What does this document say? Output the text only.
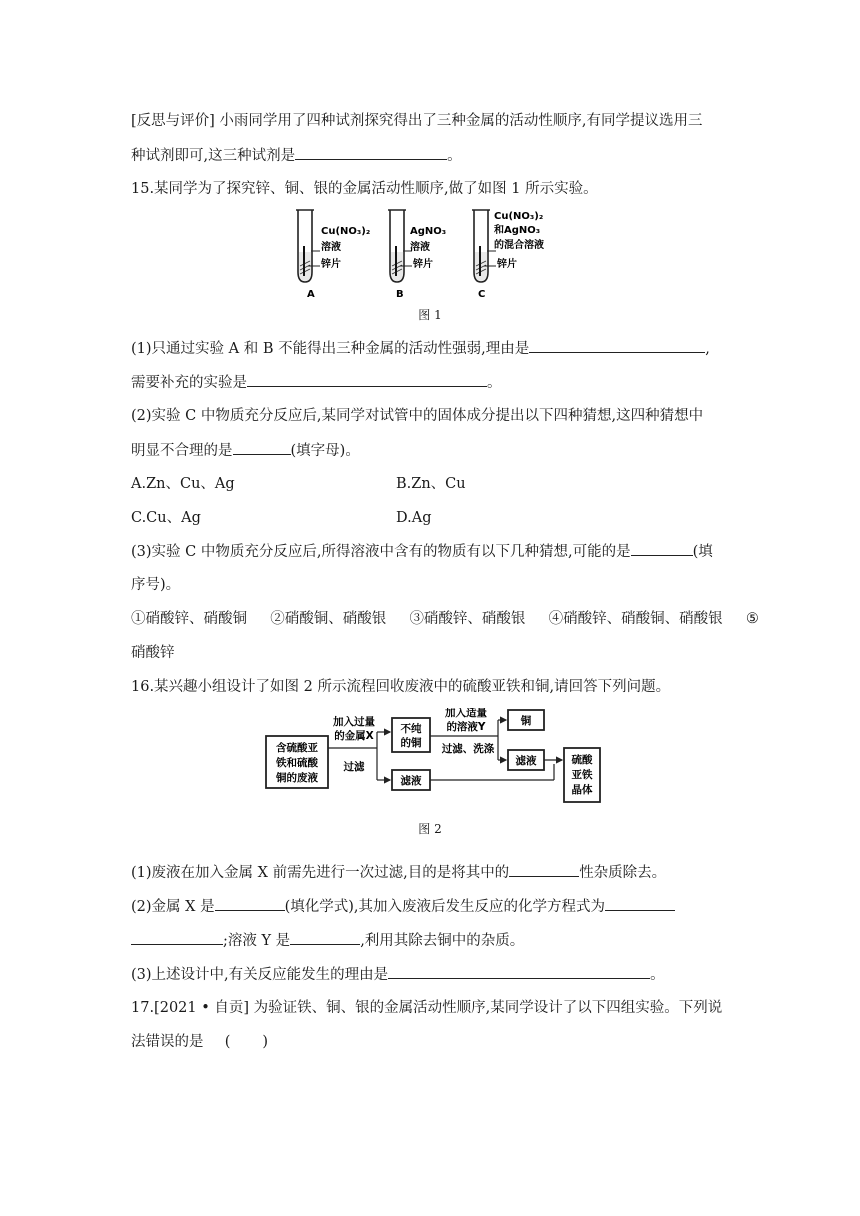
[反思与评价] 小雨同学用了四种试剂探究得出了三种金属的活动性顺序,有同学提议选用三
种试剂即可,这三种试剂是	。
15.某同学为了探究锌、铜、银的金属活动性顺序,做了如图 1 所示实验。
Cu(NO₃)₂
溶液
锌片
A
AgNO₃
溶液
锌片
B
Cu(NO₃)₂
和AgNO₃
的混合溶液
锌片
C
图 1
(1)只通过实验 A 和 B 不能得出三种金属的活动性强弱,理由是	,
需要补充的实验是	。
(2)实验 C 中物质充分反应后,某同学对试管中的固体成分提出以下四种猜想,这四种猜想中
明显不合理的是	(填字母)。
A.Zn、Cu、Ag	B.Zn、Cu
C.Cu、Ag	D.Ag
(3)实验 C 中物质充分反应后,所得溶液中含有的物质有以下几种猜想,可能的是	(填
序号)。
①硝酸锌、硝酸铜 ②硝酸铜、硝酸银 ③硝酸锌、硝酸银 ④硝酸锌、硝酸铜、硝酸银 ⑤
硝酸锌
16.某兴趣小组设计了如图 2 所示流程回收废液中的硫酸亚铁和铜,请回答下列问题。
含硫酸亚
铁和硫酸
铜的废液
加入过量
的金属X
过滤
不纯
的铜
滤液
加入适量
的溶液Y
过滤、洗涤
铜
滤液	硫酸
亚铁
晶体
图 2
(1)废液在加入金属 X 前需先进行一次过滤,目的是将其中的	性杂质除去。
(2)金属 X 是	(填化学式),其加入废液后发生反应的化学方程式为
;溶液 Y 是	,利用其除去铜中的杂质。
(3)上述设计中,有关反应能发生的理由是	。
17.[2021 • 自贡] 为验证铁、铜、银的金属活动性顺序,某同学设计了以下四组实验。下列说
法错误的是 ( )
